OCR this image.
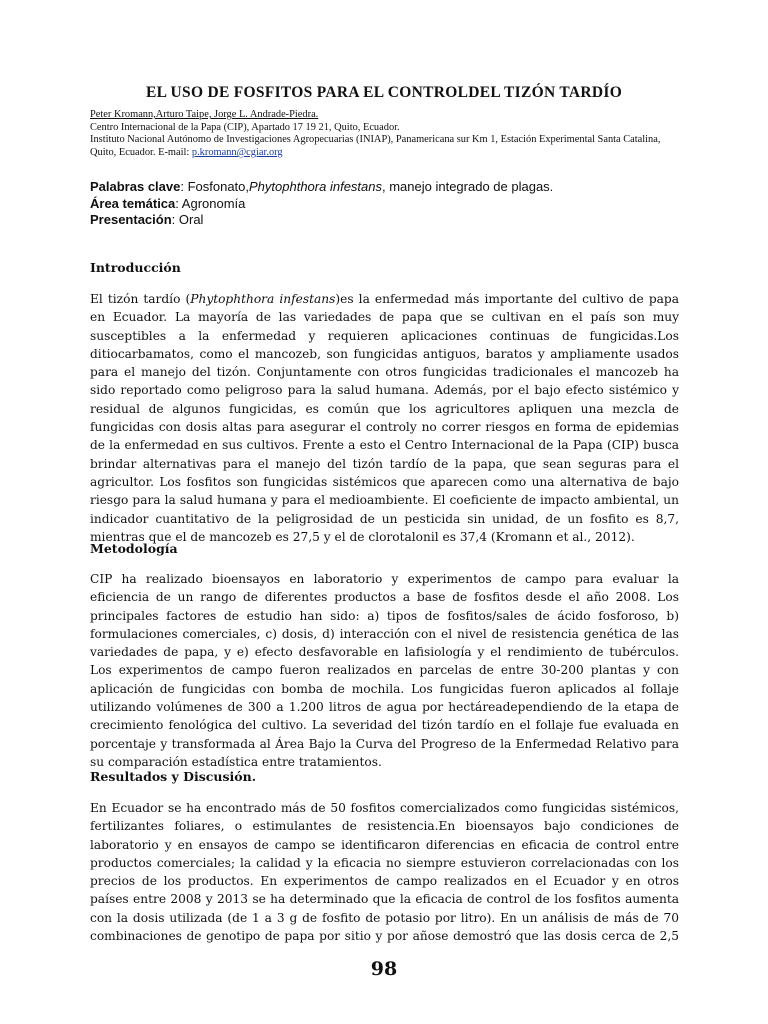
EL USO DE FOSFITOS PARA EL CONTROLDEL TIZÓN TARDÍO
Peter Kromann,Arturo Taipe, Jorge L. Andrade-Piedra.
Centro Internacional de la Papa (CIP), Apartado 17 19 21, Quito, Ecuador.
Instituto Nacional Autónomo de Investigaciones Agropecuarias (INIAP), Panamericana sur Km 1, Estación Experimental Santa Catalina,
Quito, Ecuador. E-mail: p.kromann@cgiar.org
Palabras clave: Fosfonato,Phytophthora infestans, manejo integrado de plagas.
Área temática: Agronomía
Presentación: Oral
Introducción
El tizón tardío (Phytophthora infestans)es la enfermedad más importante del cultivo de papa
en Ecuador. La mayoría de las variedades de papa que se cultivan en el país son muy
susceptibles a la enfermedad y requieren aplicaciones continuas de fungicidas.Los
ditiocarbamatos, como el mancozeb, son fungicidas antiguos, baratos y ampliamente usados
para el manejo del tizón. Conjuntamente con otros fungicidas tradicionales el mancozeb ha
sido reportado como peligroso para la salud humana. Además, por el bajo efecto sistémico y
residual de algunos fungicidas, es común que los agricultores apliquen una mezcla de
fungicidas con dosis altas para asegurar el controly no correr riesgos en forma de epidemias
de la enfermedad en sus cultivos. Frente a esto el Centro Internacional de la Papa (CIP) busca
brindar alternativas para el manejo del tizón tardío de la papa, que sean seguras para el
agricultor. Los fosfitos son fungicidas sistémicos que aparecen como una alternativa de bajo
riesgo para la salud humana y para el medioambiente. El coeficiente de impacto ambiental, un
indicador cuantitativo de la peligrosidad de un pesticida sin unidad, de un fosfito es 8,7,
mientras que el de mancozeb es 27,5 y el de clorotalonil es 37,4 (Kromann et al., 2012).
Metodología
CIP ha realizado bioensayos en laboratorio y experimentos de campo para evaluar la
eficiencia de un rango de diferentes productos a base de fosfitos desde el año 2008. Los
principales factores de estudio han sido: a) tipos de fosfitos/sales de ácido fosforoso, b)
formulaciones comerciales, c) dosis, d) interacción con el nivel de resistencia genética de las
variedades de papa, y e) efecto desfavorable en lafisiología y el rendimiento de tubérculos.
Los experimentos de campo fueron realizados en parcelas de entre 30-200 plantas y con
aplicación de fungicidas con bomba de mochila. Los fungicidas fueron aplicados al follaje
utilizando volúmenes de 300 a 1.200 litros de agua por hectáreadependiendo de la etapa de
crecimiento fenológica del cultivo. La severidad del tizón tardío en el follaje fue evaluada en
porcentaje y transformada al Área Bajo la Curva del Progreso de la Enfermedad Relativo para
su comparación estadística entre tratamientos.
Resultados y Discusión.
En Ecuador se ha encontrado más de 50 fosfitos comercializados como fungicidas sistémicos,
fertilizantes foliares, o estimulantes de resistencia.En bioensayos bajo condiciones de
laboratorio y en ensayos de campo se identificaron diferencias en eficacia de control entre
productos comerciales; la calidad y la eficacia no siempre estuvieron correlacionadas con los
precios de los productos. En experimentos de campo realizados en el Ecuador y en otros
países entre 2008 y 2013 se ha determinado que la eficacia de control de los fosfitos aumenta
con la dosis utilizada (de 1 a 3 g de fosfito de potasio por litro). En un análisis de más de 70
combinaciones de genotipo de papa por sitio y por añose demostró que las dosis cerca de 2,5
98
